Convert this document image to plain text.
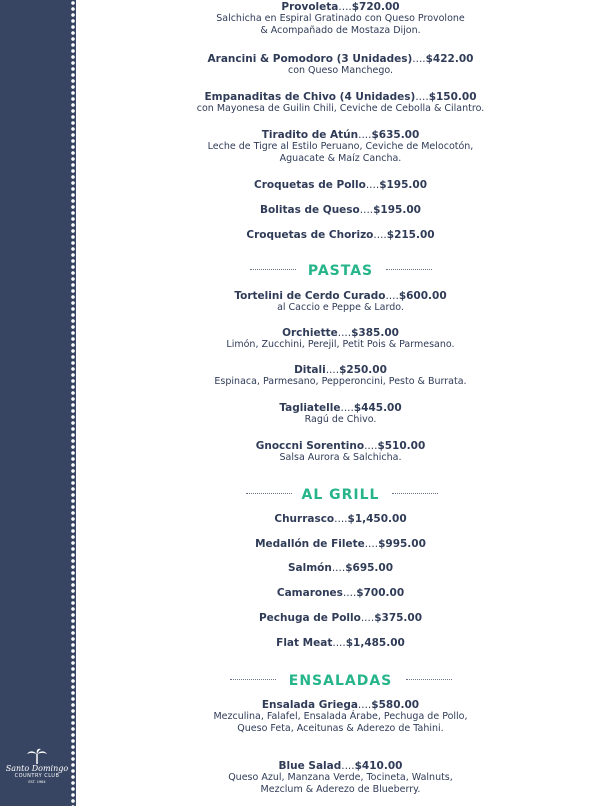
Santo Domingo
COUNTRY CLUB
EST. 1964
Provoleta....$720.00
Salchicha en Espiral Gratinado con Queso Provolone
& Acompañado de Mostaza Dijon.
Arancini & Pomodoro (3 Unidades)....$422.00
con Queso Manchego.
Empanaditas de Chivo (4 Unidades)....$150.00
con Mayonesa de Guilin Chili, Ceviche de Cebolla & Cilantro.
Tiradito de Atún....$635.00
Leche de Tigre al Estilo Peruano, Ceviche de Melocotón,
Aguacate & Maíz Cancha.
Croquetas de Pollo....$195.00
Bolitas de Queso....$195.00
Croquetas de Chorizo....$215.00
PASTAS
Tortelini de Cerdo Curado....$600.00
al Caccio e Peppe & Lardo.
Orchiette....$385.00
Limón, Zucchini, Perejil, Petit Pois & Parmesano.
Ditali....$250.00
Espinaca, Parmesano, Pepperoncini, Pesto & Burrata.
Tagliatelle....$445.00
Ragú de Chivo.
Gnoccni Sorentino....$510.00
Salsa Aurora & Salchicha.
AL GRILL
Churrasco....$1,450.00
Medallón de Filete....$995.00
Salmón....$695.00
Camarones....$700.00
Pechuga de Pollo....$375.00
Flat Meat....$1,485.00
ENSALADAS
Ensalada Griega....$580.00
Mezculina, Falafel, Ensalada Árabe, Pechuga de Pollo,
Queso Feta, Aceitunas & Aderezo de Tahini.
Blue Salad....$410.00
Queso Azul, Manzana Verde, Tocineta, Walnuts,
Mezclum & Aderezo de Blueberry.
